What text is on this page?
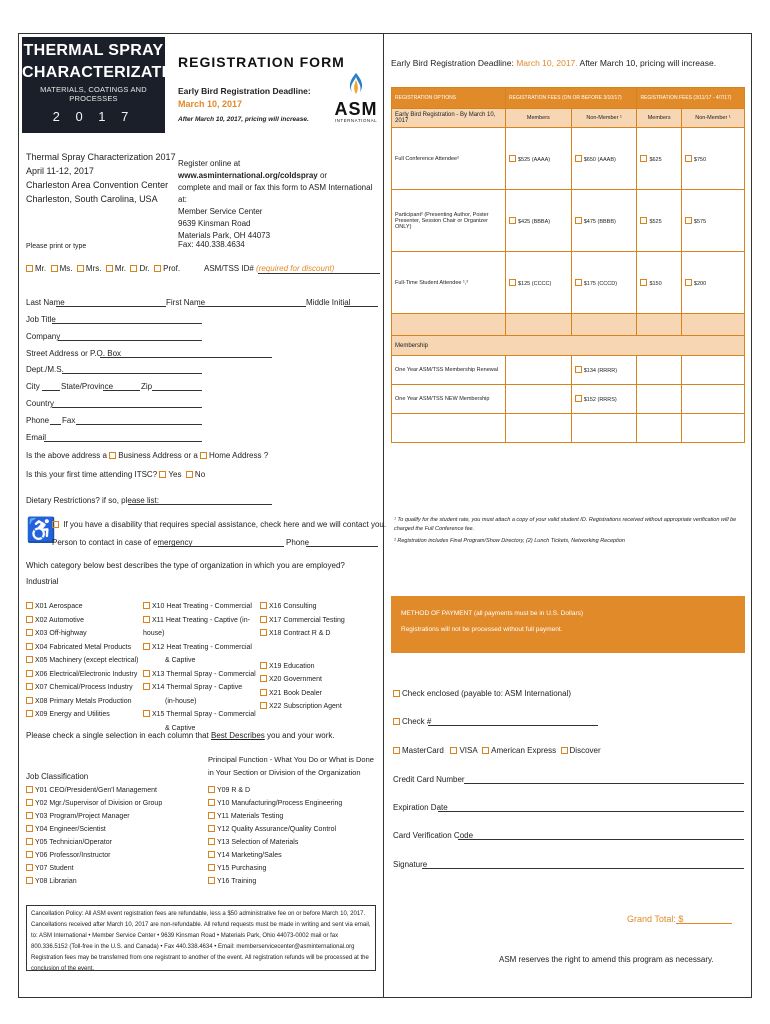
THERMAL SPRAY
CHARACTERIZATION:
MATERIALS, COATINGS AND PROCESSES
2 0 1 7
REGISTRATION FORM
Early Bird Registration Deadline:
March 10, 2017
After March 10, 2017, pricing will increase.
ASM
INTERNATIONAL
Thermal Spray Characterization 2017
April 11-12, 2017
Charleston Area Convention Center
Charleston, South Carolina, USA
Register online at www.asminternational.org/coldspray or
complete and mail or fax this form to ASM International at:
Member Service Center
9639 Kinsman Road
Materials Park, OH 44073
Fax: 440.338.4634
Please print or type
Mr. Ms. Mrs. Mr. Dr. Prof.	ASM/TSS ID# (required for discount)
Last Name	First Name	Middle Initial
Job Title
Company
Street Address or P.O. Box
Dept./M.S.
City	State/Province	Zip
Country
Phone Fax
Email
Is the above address a Business Address or a Home Address ?
Is this your first time attending ITSC? Yes No
Dietary Restrictions? if so, please list:
♿ If you have a disability that requires special assistance, check here and we will contact you.
Person to contact in case of emergency	Phone
Which category below best describes the type of organization in which you are employed?
Industrial
X01 Aerospace
X02 Automotive
X03 Off-highway
X04 Fabricated Metal Products
X05 Machinery (except electrical)
X06 Electrical/Electronic Industry
X07 Chemical/Process Industry
X08 Primary Metals Production
X09 Energy and Utilities
X10 Heat Treating - Commercial
X11 Heat Treating - Captive (in-house)
X12 Heat Treating - Commercial
& Captive
X13 Thermal Spray - Commercial
X14 Thermal Spray - Captive
(in-house)
X15 Thermal Spray - Commercial
& Captive
X16 Consulting
X17 Commercial Testing
X18 Contract R & D
X19 Education
X20 Government
X21 Book Dealer
X22 Subscription Agent
Please check a single selection in each column that Best Describes you and your work.
Principal Function - What You Do or What is Done
in Your Section or Division of the Organization
Job Classification
Y01 CEO/President/Gen'l Management
Y02 Mgr./Supervisor of Division or Group
Y03 Program/Project Manager
Y04 Engineer/Scientist
Y05 Technician/Operator
Y06 Professor/Instructor
Y07 Student
Y08 Librarian
Y09 R & D
Y10 Manufacturing/Process Engineering
Y11 Materials Testing
Y12 Quality Assurance/Quality Control
Y13 Selection of Materials
Y14 Marketing/Sales
Y15 Purchasing
Y16 Training
Cancellation Policy: All ASM event registration fees are refundable, less a $50 administrative fee on or before March 10, 2017. Cancellations received after March 10, 2017 are non-refundable. All refund requests must be made in writing and sent via email, to: ASM International • Member Service Center • 9639 Kinsman Road • Materials Park, Ohio 44073-0002 mail or fax 800.336.5152 (Toll-free in the U.S. and Canada) • Fax 440.338.4634 • Email: memberservicecenter@asminternational.org Registration fees may be transferred from one registrant to another of the event. All registration refunds will be processed at the conclusion of the event.
Early Bird Registration Deadline: March 10, 2017. After March 10, pricing will increase.
REGISTRATION OPTIONS	REGISTRATION FEES (ON OR BEFORE 3/10/17)		REGISTRATION FEES (3/11/17 - 4/7/17)	
Early Bird Registration - By March 10, 2017	Members	Non-Member ¹	Members	Non-Member ¹
Full Conference Attendee²	$525 (AAAA)	$650 (AAAB)	$625	$750
Participant² (Presenting Author, Poster Presenter, Session Chair or Organizer ONLY)	$425 (BBBA)	$475 (BBBB)	$525	$575
Full-Time Student Attendee ¹,²	$125 (CCCC)	$175 (CCCD)	$150	$200

Membership				
One Year ASM/TSS Membership Renewal		$134 (RRRR)		
One Year ASM/TSS NEW Membership		$152 (RRRS)		

¹ To qualify for the student rate, you must attach a copy of your valid student ID. Registrations received without appropriate verification will be charged the Full Conference fee.
² Registration includes Final Program/Show Directory, (2) Lunch Tickets, Networking Reception
METHOD OF PAYMENT (all payments must be in U.S. Dollars)
Registrations will not be processed without full payment.
Check enclosed (payable to: ASM International)
Check #
MasterCard VISA American Express Discover
Credit Card Number
Expiration Date
Card Verification Code
Signature
Grand Total: $
ASM reserves the right to amend this program as necessary.
